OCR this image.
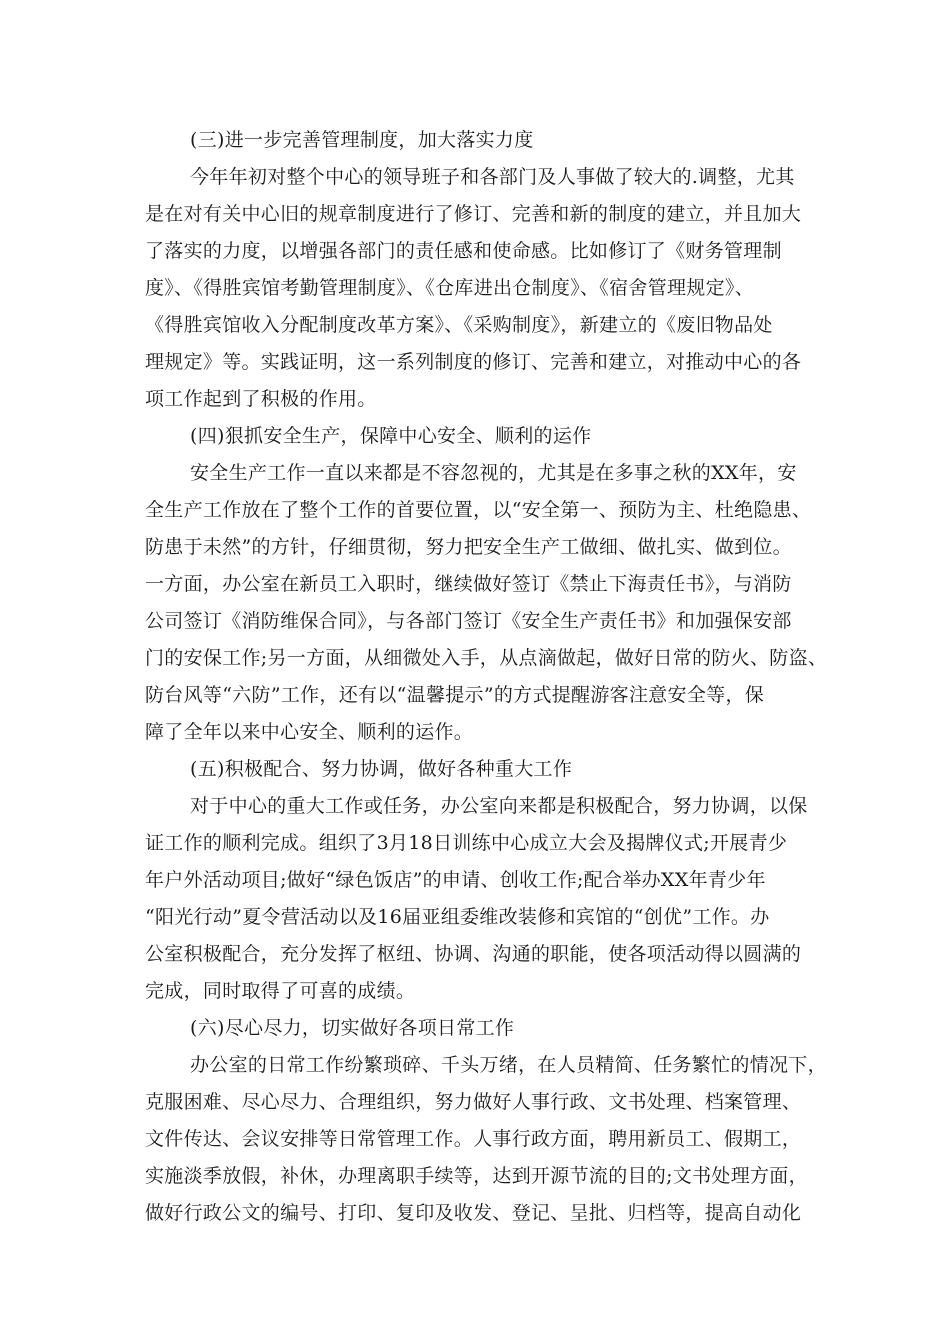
(三)进一步完善管理制度，加大落实力度
今年年初对整个中心的领导班子和各部门及人事做了较大的.调整，尤其
是在对有关中心旧的规章制度进行了修订、完善和新的制度的建立，并且加大
了落实的力度，以增强各部门的责任感和使命感。比如修订了《财务管理制
度》、《得胜宾馆考勤管理制度》、《仓库进出仓制度》、《宿舍管理规定》、
《得胜宾馆收入分配制度改革方案》、《采购制度》，新建立的《废旧物品处
理规定》等。实践证明，这一系列制度的修订、完善和建立，对推动中心的各
项工作起到了积极的作用。
(四)狠抓安全生产，保障中心安全、顺利的运作
安全生产工作一直以来都是不容忽视的，尤其是在多事之秋的XX年，安
全生产工作放在了整个工作的首要位置，以“安全第一、预防为主、杜绝隐患、
防患于未然”的方针，仔细贯彻，努力把安全生产工做细、做扎实、做到位。
一方面，办公室在新员工入职时，继续做好签订《禁止下海责任书》，与消防
公司签订《消防维保合同》，与各部门签订《安全生产责任书》和加强保安部
门的安保工作;另一方面，从细微处入手，从点滴做起，做好日常的防火、防盗、
防台风等“六防”工作，还有以“温馨提示”的方式提醒游客注意安全等，保
障了全年以来中心安全、顺利的运作。
(五)积极配合、努力协调，做好各种重大工作
对于中心的重大工作或任务，办公室向来都是积极配合，努力协调，以保
证工作的顺利完成。组织了3月18日训练中心成立大会及揭牌仪式;开展青少
年户外活动项目;做好“绿色饭店”的申请、创收工作;配合举办XX年青少年
“阳光行动”夏令营活动以及16届亚组委维改装修和宾馆的“创优”工作。办
公室积极配合，充分发挥了枢纽、协调、沟通的职能，使各项活动得以圆满的
完成，同时取得了可喜的成绩。
(六)尽心尽力，切实做好各项日常工作
办公室的日常工作纷繁琐碎、千头万绪，在人员精简、任务繁忙的情况下，
克服困难、尽心尽力、合理组织，努力做好人事行政、文书处理、档案管理、
文件传达、会议安排等日常管理工作。人事行政方面，聘用新员工、假期工，
实施淡季放假，补休，办理离职手续等，达到开源节流的目的;文书处理方面，
做好行政公文的编号、打印、复印及收发、登记、呈批、归档等，提高自动化
